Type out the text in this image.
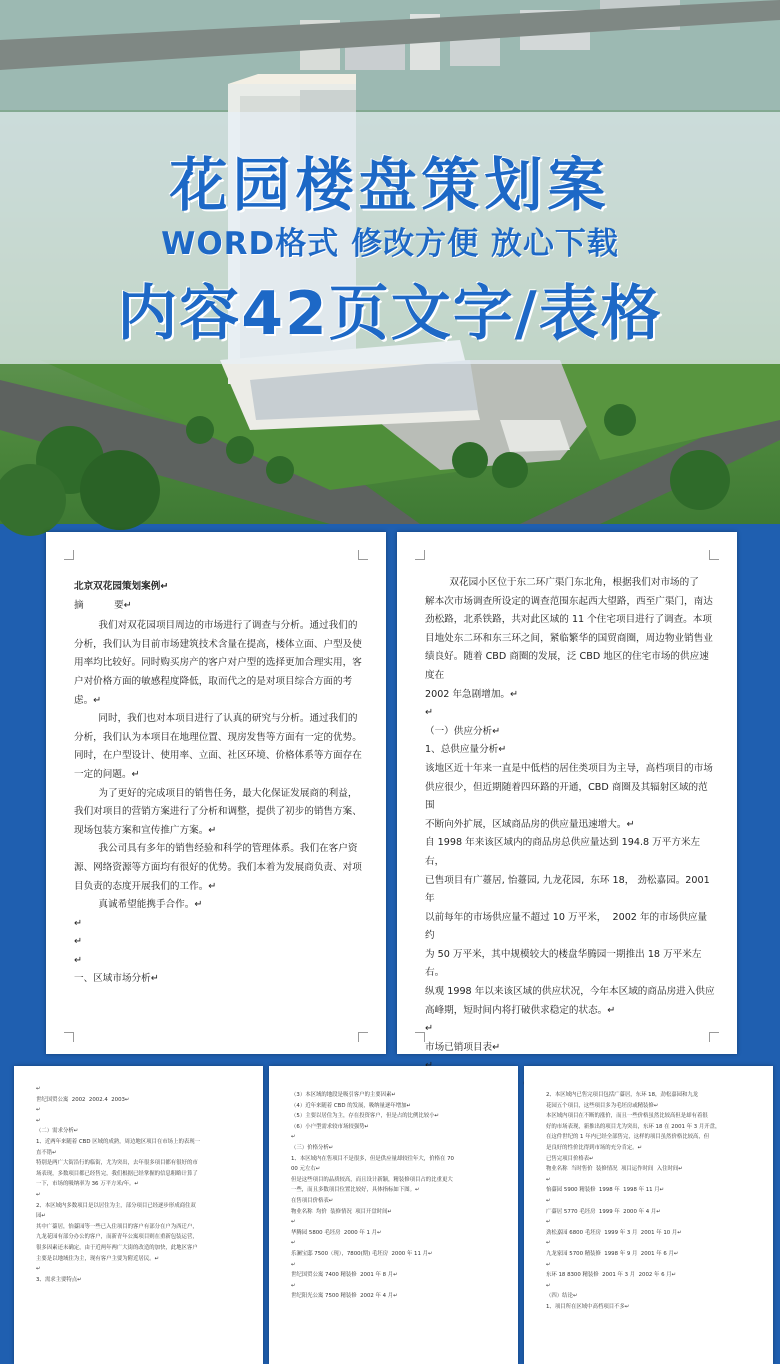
花园楼盘策划案
WORD格式 修改方便 放心下载
内容42页文字/表格

北京双花园策划案例↵

摘          要↵

我们对双花园项目周边的市场进行了调查与分析。通过我们的

分析，我们认为目前市场建筑技术含量在提高，楼体立面、户型及使

用率均比较好。同时购买房产的客户对户型的选择更加合理实用，客

户对价格方面的敏感程度降低，取而代之的是对项目综合方面的考

虑。↵

同时，我们也对本项目进行了认真的研究与分析。通过我们的

分析，我们认为本项目在地理位置、现房发售等方面有一定的优势。

同时，在户型设计、使用率、立面、社区环境、价格体系等方面存在

一定的问题。↵

为了更好的完成项目的销售任务，最大化保证发展商的利益，

我们对项目的营销方案进行了分析和调整，提供了初步的销售方案、

现场包装方案和宣传推广方案。↵

我公司具有多年的销售经验和科学的管理体系。我们在客户资

源、网络资源等方面均有很好的优势。我们本着为发展商负责、对项

目负责的态度开展我们的工作。↵

真诚希望能携手合作。↵

↵

↵

↵

一、区域市场分析↵

双花园小区位于东二环广渠门东北角，根据我们对市场的了

解本次市场调查所设定的调查范围东起西大望路，西至广渠门，南达

劲松路，北系铁路，共对此区域的 11 个住宅项目进行了调查。本项

目地处东二环和东三环之间，紧临繁华的国贸商圈，周边物业销售业

绩良好。随着 CBD 商圈的发展，泛 CBD 地区的住宅市场的供应速度在

2002 年急剧增加。↵

↵

（一）供应分析↵

1、总供应量分析↵

该地区近十年来一直是中低档的居住类项目为主导，高档项目的市场

供应很少，但近期随着四环路的开通，CBD 商圈及其辐射区域的范围

不断向外扩展，区域商品房的供应量迅速增大。↵

自 1998 年来该区域内的商品房总供应量达到 194.8 万平方米左右，

已售项目有广薹居, 怡薹园, 九龙花园,  东环 18， 劲松嘉园。2001 年

以前每年的市场供应量不超过 10 万平米，  2002 年的市场供应量约

为 50 万平米，其中规模较大的楼盘华腾园一期推出 18 万平米左右。

纵观 1998 年以来该区域的供应状况，今年本区域的商品房进入供应

高峰期，短时间内将打破供求稳定的状态。↵

↵

市场已销项目表↵

总建筑面积（万平米）↵

↵

世纪国贸公寓  2002  2002.4  2003↵

↵

↵

（二）需求分析↵

1、近两年来随着 CBD 区域的成熟，周边地区项目在市场上的表现一

直不错↵

特别是两广大街沿行的临街，尤为突出，去年很多项目都有很好的市

场表现，多数项目都已经售完，我们根据已经掌握的信息粗略计算了

一下，市场的吸纳率为 36 万平方米/年。↵

↵

2、本区域内多数项目是以居住为主，部分项目已经逐步形成商住双

园↵

其中广薹居，怡薹园等一些已入住项目的客户有部分在户为西迁户，

九龙花园有部分办公的客户，而新青年公寓项目则在重新包装运营，

很多因素还未确定，由于近两年两广大街的改造的加快，此地区客户

主要是以地域住为主，现有客户主要为附近居民。↵

↵

3、需求主要特点↵

（3）本区域的地段是吸引客户的主要因素↵

（4）近年来随着 CBD 的发展，吸纳量逐年增加↵

（5）主要以居住为主，存在投资客户，但是占的比例比较小↵

（6）小户型需求较市场较强势↵

↵

（三）价格分析↵

1、本区域内在售项目不是很多，但是供应量却较往年大，价格在 70

00 元左右↵

但是这些项目的品质较高，而且设计新颖，精装修项目占的比重更大

一些，而且多数项目位置比较好，具体指标如下图。↵

在售项目价格表↵

物业名称  均价  装修情况  项目开盘时间↵

↵

华腾园 5800 毛坯房  2000 年 1 月↵

↵

乐澜宝邸 7500（现），7800(期) 毛坯房  2000 年 11 月↵

↵

世纪国贸公寓 7400 精装修  2001 年 8 月↵

↵

世纪阳光公寓 7500 精装修  2002 年 4 月↵

2、本区域内已售完项目包括广薹居，东环 18，劲松嘉园和九龙

花园五个项目，这些项目多为毛坯房或精装修↵

本区域内项目在不断的涨价，而且一些价格虽然比较高但是却有着很

好的市场表现，新推出的项目尤为突出，东环 18 在 2001 年 3 月开盘，

在这件世纪的 1 年内已经全部售完，这样的项目虽然价格比较高，但

是良好的性价比得到市场的充分肯定。↵

已售完项目价格表↵

物业名称  当时售价  装修情况  项目运作时间  入住时间↵

↵

怡薹园 5900 精装修  1998 年  1998 年 11 月↵

↵

广薹居 5770 毛坯房  1999 年  2000 年 4 月↵

↵

劲松嘉园 6800 毛坯房  1999 年 3 月  2001 年 10 月↵

↵

九龙家园 5700 精装修  1998 年 9 月  2001 年 6 月↵

↵

东环 18 8300 精装修  2001 年 3 月  2002 年 6 月↵

↵

（四）结论↵

1、项目所在区域中高档项目不多↵
